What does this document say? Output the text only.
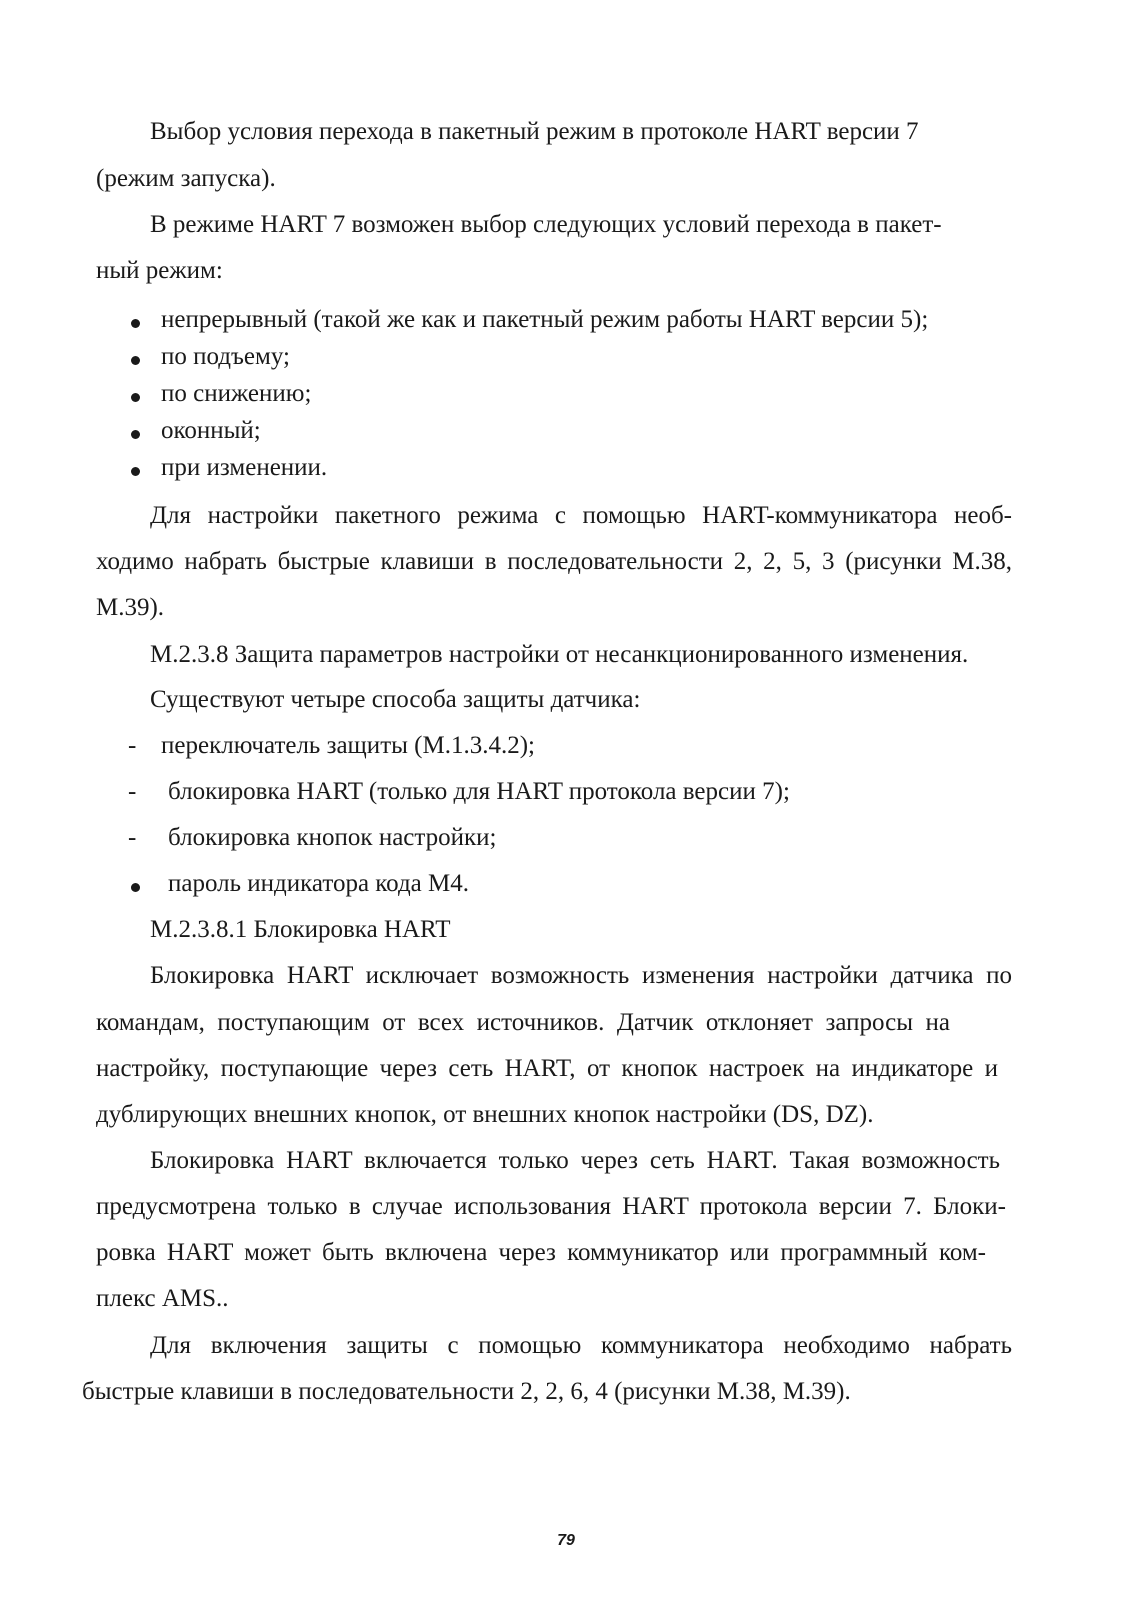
Выбор условия перехода в пакетный режим в протоколе HART версии 7
(режим запуска).
В режиме HART 7 возможен выбор следующих условий перехода в пакет-
ный режим:
непрерывный (такой же как и пакетный режим работы HART версии 5);
по подъему;
по снижению;
оконный;
при изменении.
Для настройки пакетного режима с помощью HART-коммуникатора необ-
ходимо набрать быстрые клавиши в последовательности 2, 2, 5, 3 (рисунки М.38,
М.39).
М.2.3.8 Защита параметров настройки от несанкционированного изменения.
Существуют четыре способа защиты датчика:
- переключатель защиты (М.1.3.4.2);
- блокировка HART (только для HART протокола версии 7);
- блокировка кнопок настройки;
пароль индикатора кода М4.
М.2.3.8.1 Блокировка HART
Блокировка HART исключает возможность изменения настройки датчика по
командам, поступающим от всех источников. Датчик отклоняет запросы на
настройку, поступающие через сеть HART, от кнопок настроек на индикаторе и
дублирующих внешних кнопок, от внешних кнопок настройки (DS, DZ).
Блокировка HART включается только через сеть HART. Такая возможность
предусмотрена только в случае использования HART протокола версии 7. Блоки-
ровка HART может быть включена через коммуникатор или программный ком-
плекс AMS..
Для включения защиты с помощью коммуникатора необходимо набрать
быстрые клавиши в последовательности 2, 2, 6, 4 (рисунки М.38, М.39).
79
